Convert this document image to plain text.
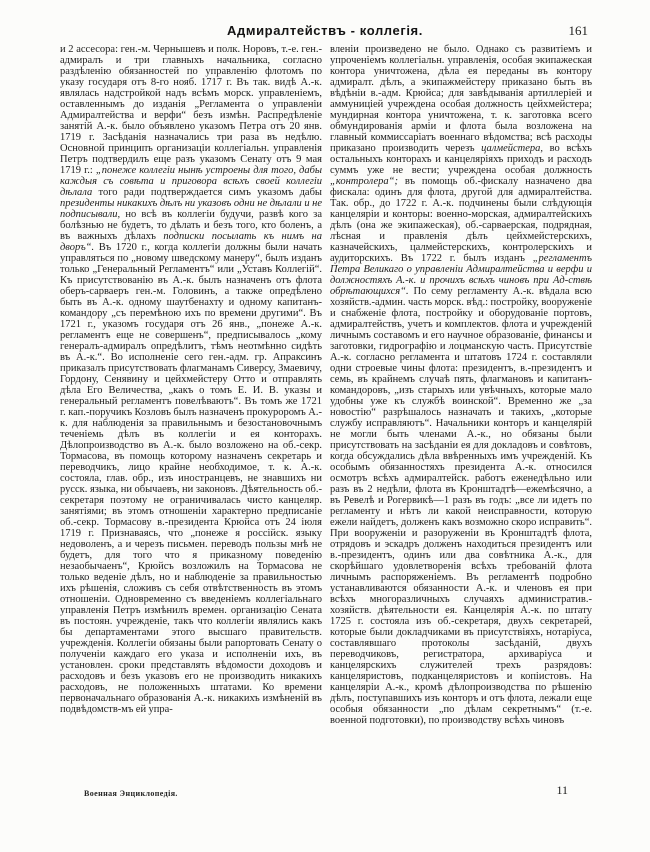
Адмиралтействъ - коллегія.	161
и 2 ассесора: ген.-м. Чернышевъ и полк. Норовъ, т.-е. ген.-адмиралъ и три главныхъ начальника, согласно раздѣленію обязанностей по управленію флотомъ по указу государя отъ 8-го нояб. 1717 г. Въ так. видѣ А.-к. являлась надстройкой надъ всѣмъ морск. управленіемъ, оставленнымъ до изданія „Регламента о управленіи Адмиралтейства и верфи“ безъ измѣн. Распредѣленіе занятій А.-к. было объявлено указомъ Петра отъ 20 янв. 1719 г. Засѣданія назначались три раза въ недѣлю. Основной принципъ организаціи коллегіальн. управленія Петръ подтвердилъ еще разъ указомъ Сенату отъ 9 мая 1719 г.: „понеже коллегіи нынѣ устроены для того, дабы каждыя съ совѣта и приговора всѣхъ своей коллегіи дѣлала того ради подтверждается симъ указомъ дабы президенты никакихъ дѣлъ ни указовъ одни не дѣлали и не подписывали, но всѣ въ коллегіи будучи, развѣ кого за болѣзнью не будетъ, то дѣлать и безъ того, кто боленъ, а въ важныхъ дѣлахъ подписки посылать къ нимъ на дворъ“. Въ 1720 г., когда коллегіи должны были начать управляться по „новому шведскому манеру“, былъ изданъ только „Генеральный Регламентъ“ или „Уставъ Коллегій“. Къ присутствованію въ А.-к. былъ назначенъ отъ флота оберъ-сарваеръ ген.-м. Головинъ, а также опредѣлено быть въ А.-к. одному шаутбенахту и одному капитанъ-командору „съ перемѣною ихъ по времени другими“. Въ 1721 г., указомъ государя отъ 26 янв., „понеже А.-к. регламентъ еще не совершенъ“, предписывалось „кому генералъ-адмиралъ опредѣлитъ, тѣмъ неотмѣнно сидѣть въ А.-к.“. Во исполненіе сего ген.-адм. гр. Апраксинъ приказалъ присутствовать флагманамъ Сиверсу, Змаевичу, Гордону, Сенявину и цейхмейстеру Отто и отправлять дѣла Его Величества, „какъ о томъ Е. И. В. указы и генеральный регламентъ повелѣваютъ“. Въ томъ же 1721 г. кап.-поручикъ Козловъ былъ назначенъ прокуроромъ А.-к. для наблюденія за правильнымъ и безостановочнымъ теченіемь дѣлъ въ коллегіи и ея конторахъ. Дѣлопроизводство въ А.-к. было возложено на об.-секр. Тормасова, въ помощь которому назначенъ секретарь и переводчикъ, лицо крайне необходимое, т. к. А.-к. состояла, глав. обр., изъ иностранцевъ, не знавшихъ ни русск. языка, ни обычаевъ, ни законовъ. Дѣятельность об.-секретаря поэтому не ограничивалась чисто канцеляр. занятіями; въ этомъ отношеніи характерно предписаніе об.-секр. Тормасову в.-президента Крюйса отъ 24 іюля 1719 г. Признаваясь, что „понеже я россійск. языку недоволенъ, а и черезъ письмен. переводъ пользы мнѣ не будетъ, для того что я приказному поведенію незаобычаенъ“, Крюйсъ возложилъ на Тормасова не только веденіе дѣлъ, но и наблюденіе за правильностью ихъ рѣшенія, сложивъ съ себя отвѣтственность въ этомъ отношеніи. Одновременно съ введеніемъ коллегіальнаго управленія Петръ измѣнилъ времен. организацію Сената въ постоян. учрежденіе, такъ что коллегіи являлись какъ бы департаментами этого высшаго правительств. учрежденія. Коллегіи обязаны были рапортовать Сенату о полученіи каждаго его указа и исполненіи ихъ, въ установлен. сроки представлять вѣдомости доходовъ и расходовъ и безъ указовъ его не производить никакихъ расходовъ, не положенныхъ штатами. Ко времени первоначальнаго образованія А.-к. никакихъ измѣненій въ подвѣдомств-мъ ей упра-
вленіи произведено не было. Однако съ развитіемъ и упроченіемъ коллегіальн. управленія, особая экипажеская контора уничтожена, дѣла ея переданы въ контору адмиралт. дѣлъ, а экипажмейстеру приказано быть въ вѣдѣніи в.-адм. Крюйса; для завѣдыванія артиллеріей и аммуниціей учреждена особая должность цейхмейстера; мундирная контора уничтожена, т. к. заготовка всего обмундированія арміи и флота была возложена на главный коммиссаріатъ военнаго вѣдомства; всѣ расходы приказано производить черезъ цалмейстера, во всѣхъ остальныхъ конторахъ и канцеляріяхъ приходъ и расходъ суммъ уже не вести; учреждена особая должность „контролера“; въ помощь об.-фискалу назначено два фискала: одинъ для флота, другой для адмиралтейства. Так. обр., до 1722 г. А.-к. подчинены были слѣдующія канцеляріи и конторы: военно-морская, адмиралтейскихъ дѣлъ (она же экипажеская), об.-сарваерская, подрядная, лѣсная и правленія дѣлъ цейхмейстерскихъ, казначейскихъ, цалмейстерскихъ, контролерскихъ и аудиторскихъ. Въ 1722 г. былъ изданъ „регламентъ Петра Великаго о управленіи Адмиралтейства и верфи и должностяхъ А.-к. и прочихъ всѣхъ чиновъ при Ад-ствѣ обрѣтающихся“. По сему регламенту А.-к. вѣдала всю хозяйств.-админ. часть морск. вѣд.: постройку, вооруженіе и снабженіе флота, постройку и оборудованіе портовъ, адмиралтействъ, учетъ и комплектов. флота и учрежденій личнымъ составомъ и его научное образованіе, финансы и заготовки, гидрографію и лоцманскую часть. Присутствіе А.-к. согласно регламента и штатовъ 1724 г. составляли одни строевые чины флота: президентъ, в.-президентъ и семь, въ крайнемъ случаѣ пять, флагмановъ и капитанъ-командоровъ, „изъ старыхъ или увѣчныхъ, которые мало удобны уже къ службѣ воинской“. Временно же „за новостію“ разрѣшалось назначать и такихъ, „которые службу исправляютъ“. Начальники конторъ и канцелярій не могли быть членами А.-к., но обязаны были присутствовать на засѣданіи ея для докладовъ и совѣтовъ, когда обсуждались дѣла ввѣренныхъ имъ учрежденій. Къ особымъ обязанностяхъ президента А.-к. относился осмотръ всѣхъ адмиралтейск. работъ еженедѣльно или разъ въ 2 недѣли, флота въ Кронштадтѣ—ежемѣсячно, а въ Ревелѣ и Рогервикѣ—1 разъ въ годъ: „все ли идетъ по регламенту и нѣтъ ли какой неисправности, которую ежели найдетъ, долженъ какъ возможно скоро исправить“. При вооруженіи и разоруженіи въ Кронштадтѣ флота, отрядовъ и эскадръ долженъ находиться президентъ или в.-президентъ, одинъ или два совѣтника А.-к., для скорѣйшаго удовлетворенія всѣхъ требованій флота личнымъ распоряженіемъ. Въ регламентѣ подробно устанавливаются обязанности А.-к. и членовъ ея при всѣхъ многоразличныхъ случаяхъ административ.-хозяйств. дѣятельности ея. Канцелярія А.-к. по штату 1725 г. состояла изъ об.-секретаря, двухъ секретарей, которые были докладчиками въ присутствіяхъ, нотаріуса, составлявшаго протоколы засѣданій, двухъ переводчиковъ, регистратора, архиваріуса и канцелярскихъ служителей трехъ разрядовъ: канцеляристовъ, подканцеляристовъ и копіистовъ. На канцеляріи А.-к., кромѣ дѣлопроизводства по рѣшенію дѣлъ, поступавшихъ изъ конторъ и отъ флота, лежали еще особыя обязанности „по дѣлам секретнымъ“ (т.-е. военной подготовки), по производству всѣхъ чиновъ
Военная Энциклопедія.	11
